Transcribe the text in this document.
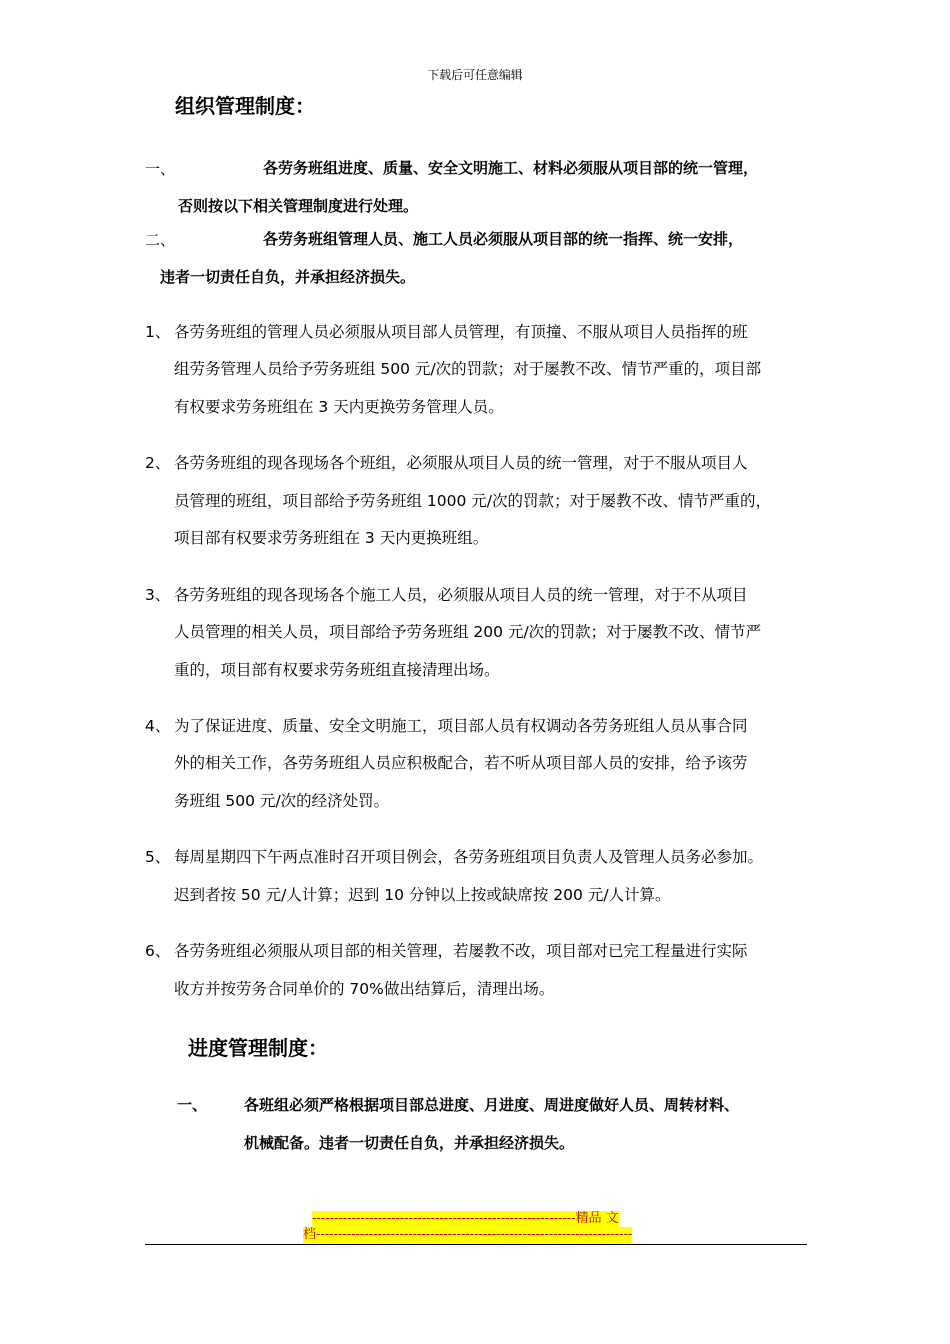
下载后可任意编辑
组织管理制度：
一、	各劳务班组进度、质量、安全文明施工、材料必须服从项目部的统一管理，
否则按以下相关管理制度进行处理。
二、	各劳务班组管理人员、施工人员必须服从项目部的统一指挥、统一安排，
违者一切责任自负，并承担经济损失。
1、 各劳务班组的管理人员必须服从项目部人员管理，有顶撞、不服从项目人员指挥的班
组劳务管理人员给予劳务班组 500 元/次的罚款；对于屡教不改、情节严重的，项目部
有权要求劳务班组在 3 天内更换劳务管理人员。
2、 各劳务班组的现各现场各个班组，必须服从项目人员的统一管理，对于不服从项目人
员管理的班组，项目部给予劳务班组 1000 元/次的罚款；对于屡教不改、情节严重的，
项目部有权要求劳务班组在 3 天内更换班组。
3、 各劳务班组的现各现场各个施工人员，必须服从项目人员的统一管理，对于不从项目
人员管理的相关人员，项目部给予劳务班组 200 元/次的罚款；对于屡教不改、情节严
重的，项目部有权要求劳务班组直接清理出场。
4、 为了保证进度、质量、安全文明施工，项目部人员有权调动各劳务班组人员从事合同
外的相关工作，各劳务班组人员应积极配合，若不听从项目部人员的安排，给予该劳
务班组 500 元/次的经济处罚。
5、 每周星期四下午两点准时召开项目例会，各劳务班组项目负责人及管理人员务必参加。
迟到者按 50 元/人计算；迟到 10 分钟以上按或缺席按 200 元/人计算。
6、 各劳务班组必须服从项目部的相关管理，若屡教不改，项目部对已完工程量进行实际
收方并按劳务合同单价的 70%做出结算后，清理出场。
进度管理制度：
一、 各班组必须严格根据项目部总进度、月进度、周进度做好人员、周转材料、
机械配备。违者一切责任自负，并承担经济损失。
------------------------------------------------------------精品 文
档------------------------------------------------------------------------
